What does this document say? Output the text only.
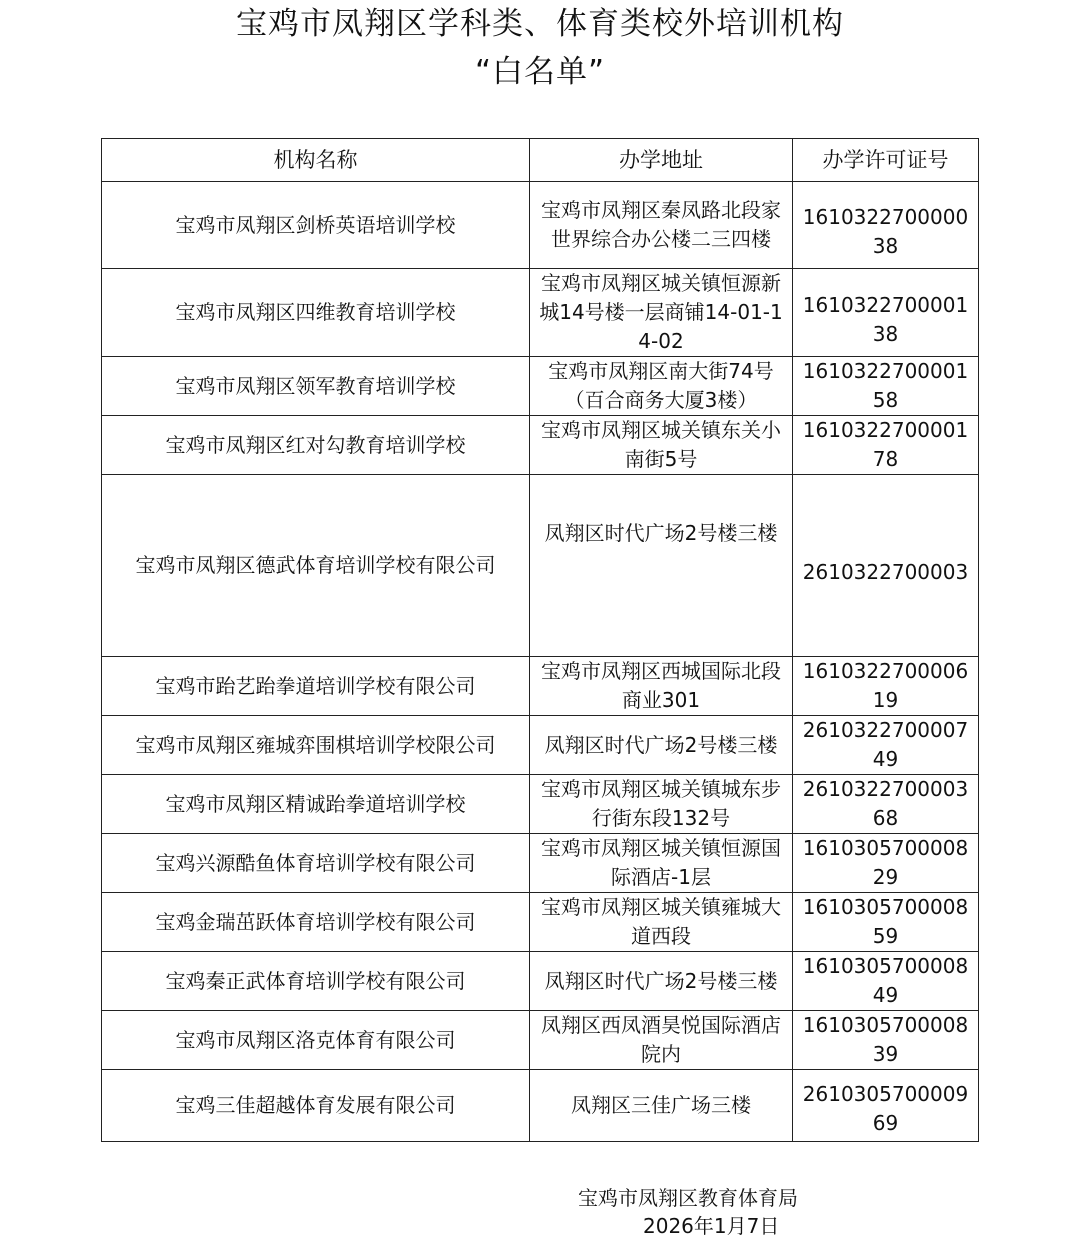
宝鸡市凤翔区学科类、体育类校外培训机构
“白名单”
机构名称	办学地址	办学许可证号
宝鸡市凤翔区剑桥英语培训学校	宝鸡市凤翔区秦凤路北段家世界综合办公楼二三四楼	161032270000038
宝鸡市凤翔区四维教育培训学校	宝鸡市凤翔区城关镇恒源新城14号楼一层商铺14-01-14-02	161032270000138
宝鸡市凤翔区领军教育培训学校	宝鸡市凤翔区南大街74号（百合商务大厦3楼）	161032270000158
宝鸡市凤翔区红对勾教育培训学校	宝鸡市凤翔区城关镇东关小南街5号	161032270000178
宝鸡市凤翔区德武体育培训学校有限公司	凤翔区时代广场2号楼三楼	2610322700003
宝鸡市跆艺跆拳道培训学校有限公司	宝鸡市凤翔区西城国际北段商业301	161032270000619
宝鸡市凤翔区雍城弈围棋培训学校限公司	凤翔区时代广场2号楼三楼	261032270000749
宝鸡市凤翔区精诚跆拳道培训学校	宝鸡市凤翔区城关镇城东步行街东段132号	261032270000368
宝鸡兴源酷鱼体育培训学校有限公司	宝鸡市凤翔区城关镇恒源国际酒店-1层	161030570000829
宝鸡金瑞茁跃体育培训学校有限公司	宝鸡市凤翔区城关镇雍城大道西段	161030570000859
宝鸡秦正武体育培训学校有限公司	凤翔区时代广场2号楼三楼	161030570000849
宝鸡市凤翔区洛克体育有限公司	凤翔区西凤酒昊悦国际酒店院内	161030570000839
宝鸡三佳超越体育发展有限公司	凤翔区三佳广场三楼	261030570000969
宝鸡市凤翔区教育体育局
2026年1月7日
